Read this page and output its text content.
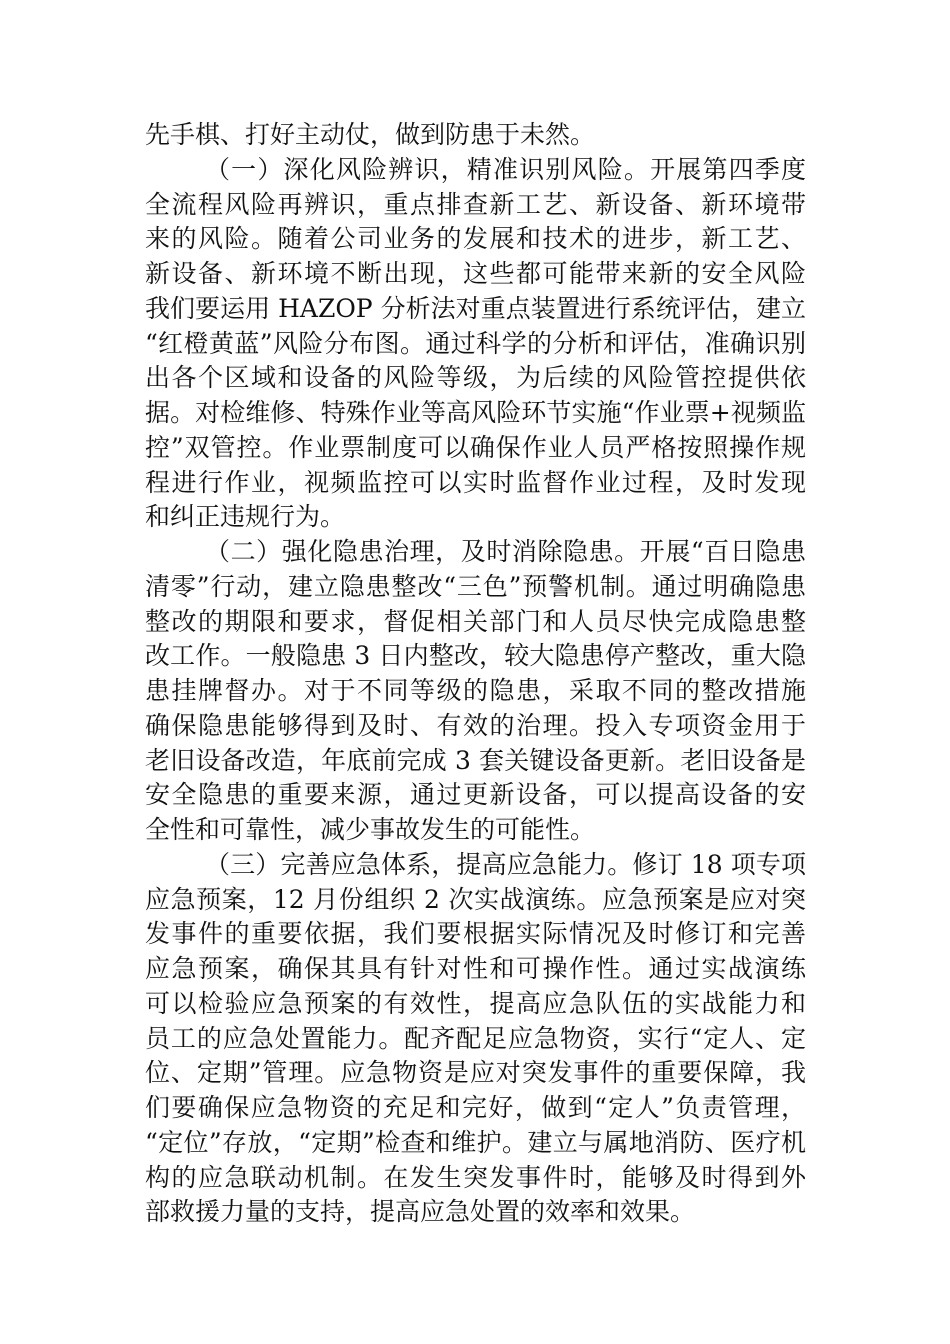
先手棋、打好主动仗，做到防患于未然。
（一）深化风险辨识，精准识别风险。开展第四季度
全流程风险再辨识，重点排查新工艺、新设备、新环境带
来的风险。随着公司业务的发展和技术的进步，新工艺、
新设备、新环境不断出现，这些都可能带来新的安全风险
我们要运用 HAZOP 分析法对重点装置进行系统评估，建立
“红橙黄蓝”风险分布图。通过科学的分析和评估，准确识别
出各个区域和设备的风险等级，为后续的风险管控提供依
据。对检维修、特殊作业等高风险环节实施“作业票+视频监
控”双管控。作业票制度可以确保作业人员严格按照操作规
程进行作业，视频监控可以实时监督作业过程，及时发现
和纠正违规行为。
（二）强化隐患治理，及时消除隐患。开展“百日隐患
清零”行动，建立隐患整改“三色”预警机制。通过明确隐患
整改的期限和要求，督促相关部门和人员尽快完成隐患整
改工作。一般隐患 3 日内整改，较大隐患停产整改，重大隐
患挂牌督办。对于不同等级的隐患，采取不同的整改措施
确保隐患能够得到及时、有效的治理。投入专项资金用于
老旧设备改造，年底前完成 3 套关键设备更新。老旧设备是
安全隐患的重要来源，通过更新设备，可以提高设备的安
全性和可靠性，减少事故发生的可能性。
（三）完善应急体系，提高应急能力。修订 18 项专项
应急预案，12 月份组织 2 次实战演练。应急预案是应对突
发事件的重要依据，我们要根据实际情况及时修订和完善
应急预案，确保其具有针对性和可操作性。通过实战演练
可以检验应急预案的有效性，提高应急队伍的实战能力和
员工的应急处置能力。配齐配足应急物资，实行“定人、定
位、定期”管理。应急物资是应对突发事件的重要保障，我
们要确保应急物资的充足和完好，做到“定人”负责管理，
“定位”存放，“定期”检查和维护。建立与属地消防、医疗机
构的应急联动机制。在发生突发事件时，能够及时得到外
部救援力量的支持，提高应急处置的效率和效果。
